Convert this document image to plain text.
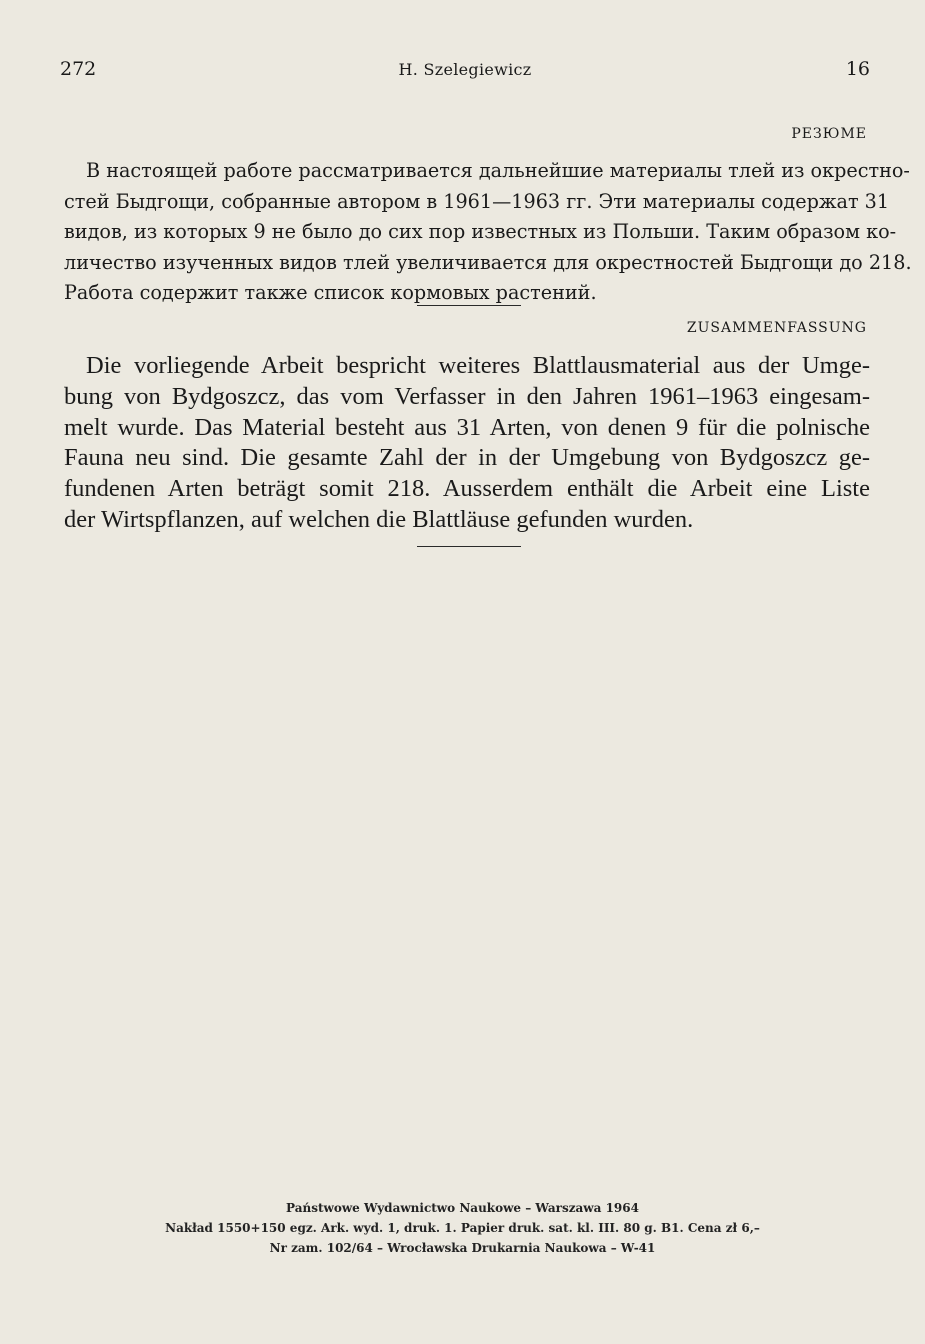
272	H. Szelegiewicz	16
РЕЗЮМЕ

В настоящей работе рассматривается дальнейшие материалы тлей из окрестно-
стей Быдгощи, собранные автором в 1961—1963 гг. Эти материалы содержат 31
видов, из которых 9 не было до сих пор известных из Польши. Таким образом ко-
личество изученных видов тлей увеличивается для окрестностей Быдгощи до 218.
Работа содержит также список кормовых растений.

ZUSAMMENFASSUNG

Die vorliegende Arbeit bespricht weiteres Blattlausmaterial aus der Umge-
bung von Bydgoszcz, das vom Verfasser in den Jahren 1961–1963 eingesam-
melt wurde. Das Material besteht aus 31 Arten, von denen 9 für die polnische
Fauna neu sind. Die gesamte Zahl der in der Umgebung von Bydgoszcz ge-
fundenen Arten beträgt somit 218. Ausserdem enthält die Arbeit eine Liste
der Wirtspflanzen, auf welchen die Blattläuse gefunden wurden.

Państwowe Wydawnictwo Naukowe – Warszawa 1964
Nakład 1550+150 egz. Ark. wyd. 1, druk. 1. Papier druk. sat. kl. III. 80 g. B1. Cena zł 6,–
Nr zam. 102/64 – Wrocławska Drukarnia Naukowa – W-41
